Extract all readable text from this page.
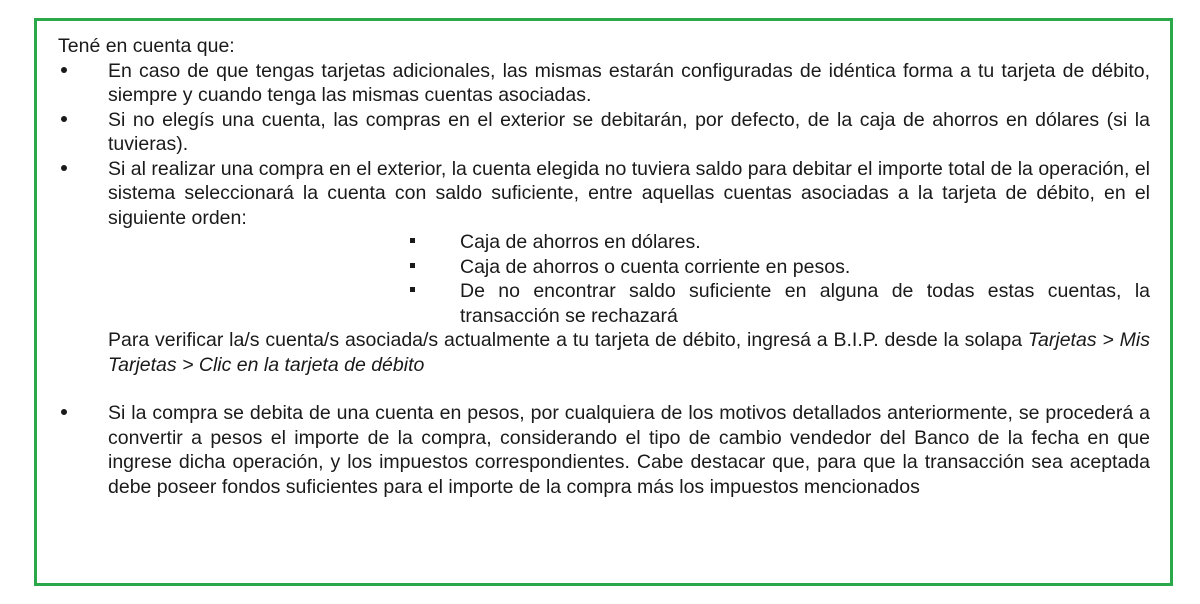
Tené en cuenta que:

En caso de que tengas tarjetas adicionales, las mismas estarán configuradas de idéntica forma a tu tarjeta de débito, siempre y cuando tenga las mismas cuentas asociadas.
Si no elegís una cuenta, las compras en el exterior se debitarán, por defecto, de la caja de ahorros en dólares (si la tuvieras).
Si al realizar una compra en el exterior, la cuenta elegida no tuviera saldo para debitar el importe total de la operación, el sistema seleccionará la cuenta con saldo suficiente, entre aquellas cuentas asociadas a la tarjeta de débito, en el siguiente orden:
Caja de ahorros en dólares.
Caja de ahorros o cuenta corriente en pesos.
De no encontrar saldo suficiente en alguna de todas estas cuentas, la transacción se rechazará

Para verificar la/s cuenta/s asociada/s actualmente a tu tarjeta de débito, ingresá a B.I.P. desde la solapa Tarjetas > Mis Tarjetas > Clic en la tarjeta de débito

Si la compra se debita de una cuenta en pesos, por cualquiera de los motivos detallados anteriormente, se procederá a convertir a pesos el importe de la compra, considerando el tipo de cambio vendedor del Banco de la fecha en que ingrese dicha operación, y los impuestos correspondientes. Cabe destacar que, para que la transacción sea aceptada debe poseer fondos suficientes para el importe de la compra más los impuestos mencionados
